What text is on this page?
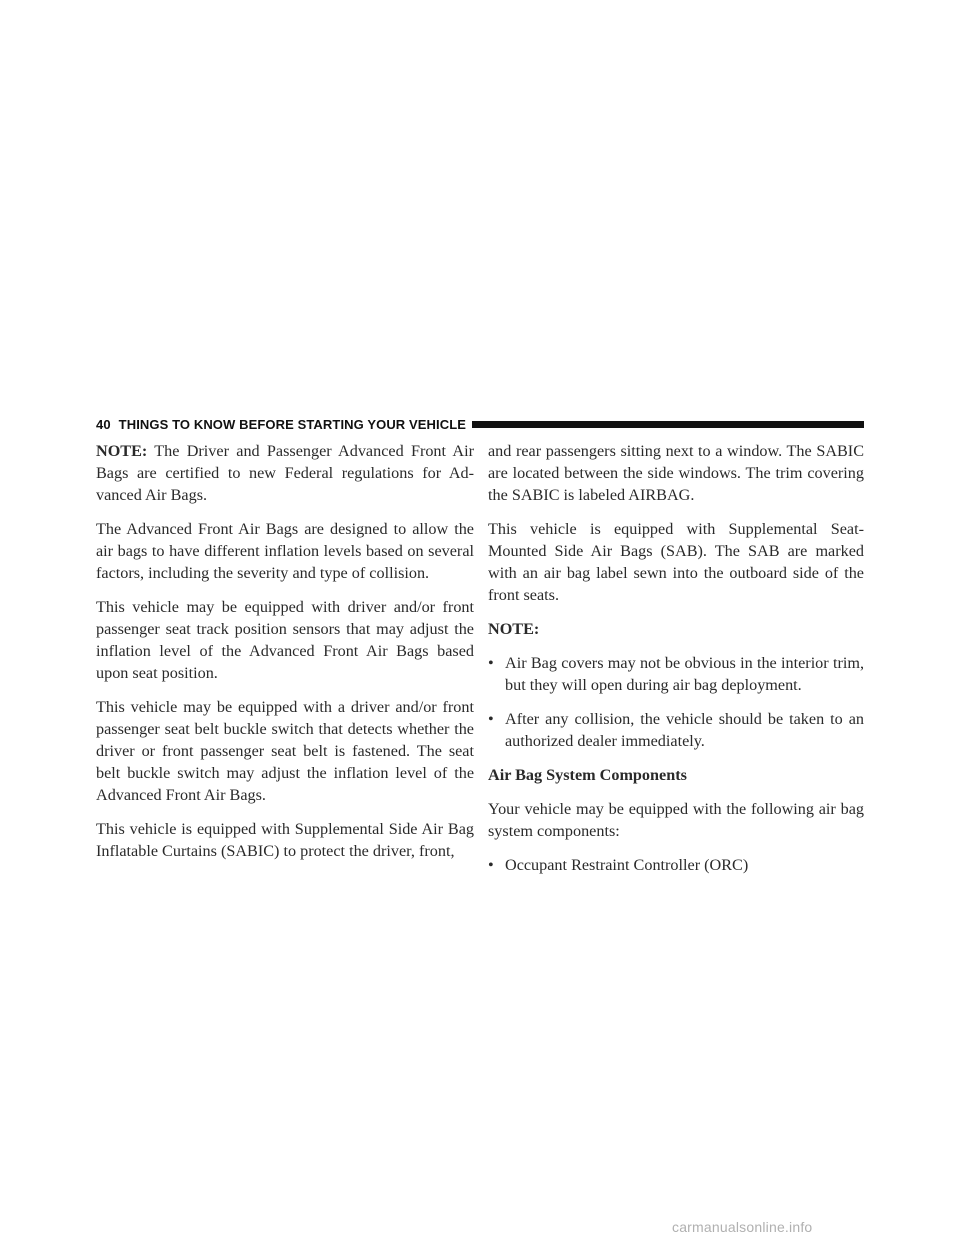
40 THINGS TO KNOW BEFORE STARTING YOUR VEHICLE

NOTE: The Driver and Passenger Advanced Front Air Bags are certified to new Federal regulations for Ad-vanced Air Bags.

The Advanced Front Air Bags are designed to allow the air bags to have different inflation levels based on several factors, including the severity and type of collision.

This vehicle may be equipped with driver and/or front passenger seat track position sensors that may adjust the inflation level of the Advanced Front Air Bags based upon seat position.

This vehicle may be equipped with a driver and/or front passenger seat belt buckle switch that detects whether the driver or front passenger seat belt is fastened. The seat belt buckle switch may adjust the inflation level of the Advanced Front Air Bags.

This vehicle is equipped with Supplemental Side Air Bag Inflatable Curtains (SABIC) to protect the driver, front,

and rear passengers sitting next to a window. The SABIC are located between the side windows. The trim covering the SABIC is labeled AIRBAG.

This vehicle is equipped with Supplemental Seat-Mounted Side Air Bags (SAB). The SAB are marked with an air bag label sewn into the outboard side of the front seats.

NOTE:

• Air Bag covers may not be obvious in the interior trim, but they will open during air bag deployment.
• After any collision, the vehicle should be taken to an authorized dealer immediately.

Air Bag System Components

Your vehicle may be equipped with the following air bag system components:

• Occupant Restraint Controller (ORC)
carmanualsonline.info
